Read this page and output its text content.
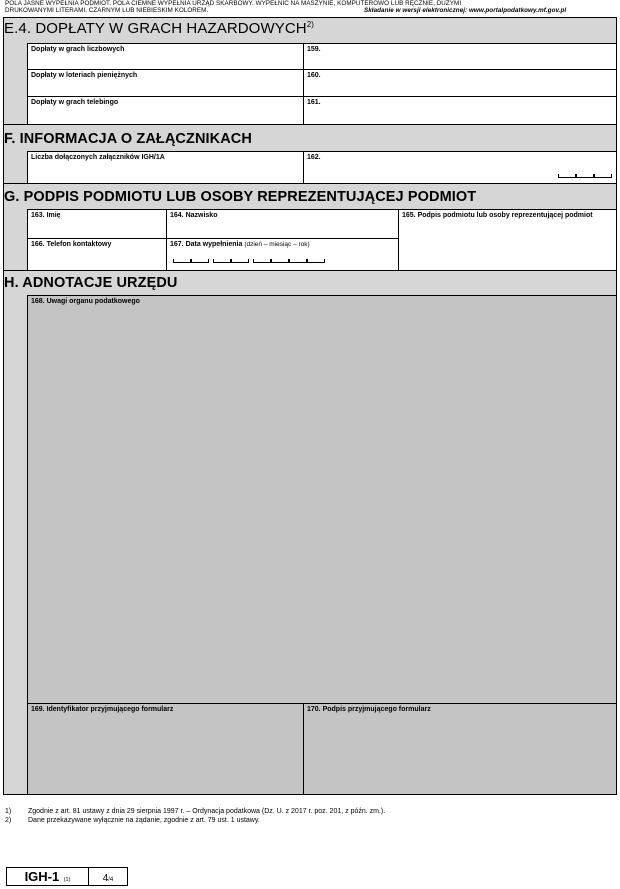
POLA JASNE WYPEŁNIA PODMIOT, POLA CIEMNE WYPEŁNIA URZĄD SKARBOWY. WYPEŁNIĆ NA MASZYNIE, KOMPUTEROWO LUB RĘCZNIE, DUŻYMI
DRUKOWANYMI LITERAMI, CZARNYM LUB NIEBIESKIM KOLOREM.	Składanie w wersji elektronicznej: www.portalpodatkowy.mf.gov.pl
E.4. DOPŁATY W GRACH HAZARDOWYCH$^{2)}$
Dopłaty w grach liczbowych	159.
Dopłaty w loteriach pieniężnych	160.
Dopłaty w grach telebingo	161.
F. INFORMACJA O ZAŁĄCZNIKACH
Liczba dołączonych załączników IGH/1A	162.
G. PODPIS PODMIOTU LUB OSOBY REPREZENTUJĄCEJ PODMIOT
163. Imię	164. Nazwisko	165. Podpis podmiotu lub osoby reprezentującej podmiot
166. Telefon kontaktowy	167. Data wypełnienia (dzień – miesiąc – rok)
H. ADNOTACJE URZĘDU
168. Uwagi organu podatkowego
169. Identyfikator przyjmującego formularz	170. Podpis przyjmującego formularz
1) Zgodnie z art. 81 ustawy z dnia 29 sierpnia 1997 r. – Ordynacja podatkowa (Dz. U. z 2017 r. poz. 201, z późn. zm.).
2) Dane przekazywane wyłącznie na żądanie, zgodnie z art. 79 ust. 1 ustawy.
IGH-1 (1)	4/4
